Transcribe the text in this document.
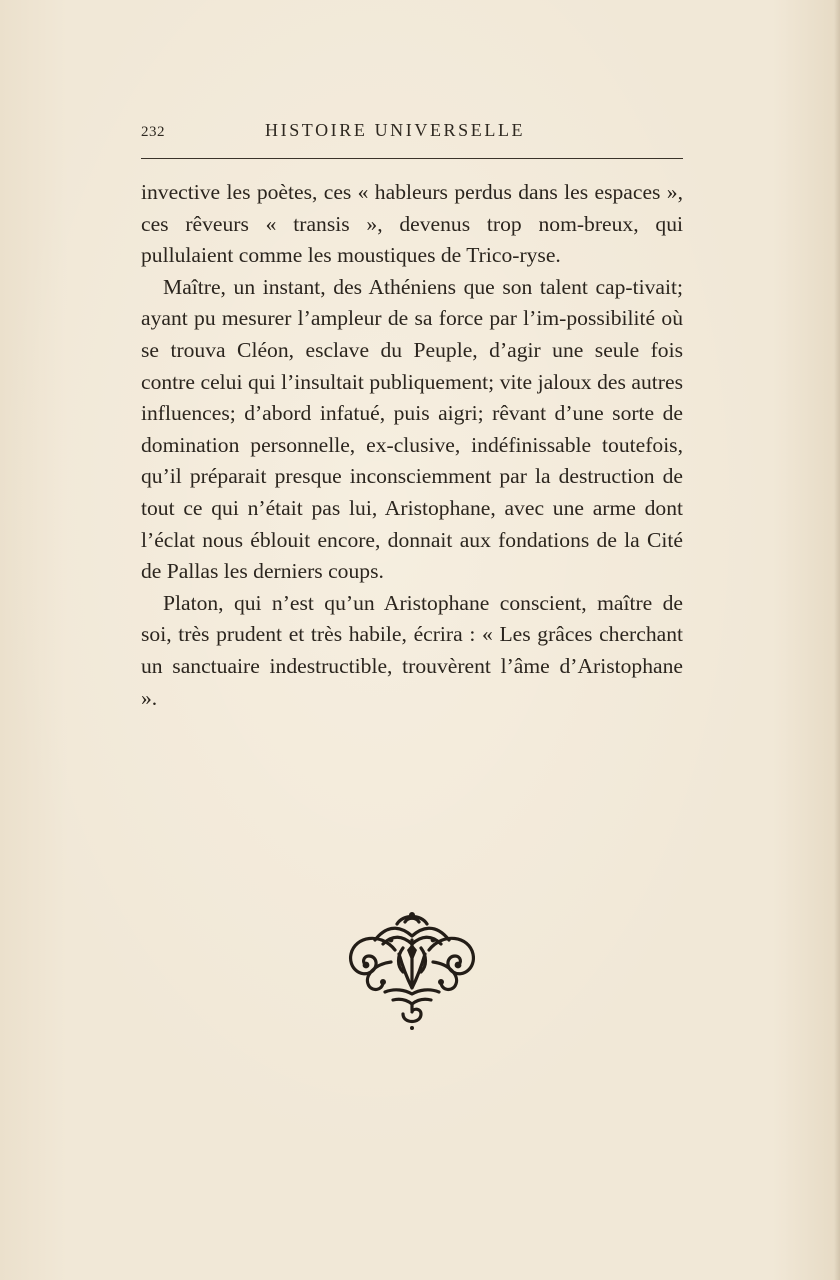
232	HISTOIRE UNIVERSELLE

invective les poètes, ces « hableurs perdus dans les espaces », ces rêveurs « transis », devenus trop nom-breux, qui pullulaient comme les moustiques de Trico-ryse.

Maître, un instant, des Athéniens que son talent cap-tivait; ayant pu mesurer l’ampleur de sa force par l’im-possibilité où se trouva Cléon, esclave du Peuple, d’agir une seule fois contre celui qui l’insultait publiquement; vite jaloux des autres influences; d’abord infatué, puis aigri; rêvant d’une sorte de domination personnelle, ex-clusive, indéfinissable toutefois, qu’il préparait presque inconsciemment par la destruction de tout ce qui n’était pas lui, Aristophane, avec une arme dont l’éclat nous éblouit encore, donnait aux fondations de la Cité de Pallas les derniers coups.

Platon, qui n’est qu’un Aristophane conscient, maître de soi, très prudent et très habile, écrira : « Les grâces cherchant un sanctuaire indestructible, trouvèrent l’âme d’Aristophane ».
